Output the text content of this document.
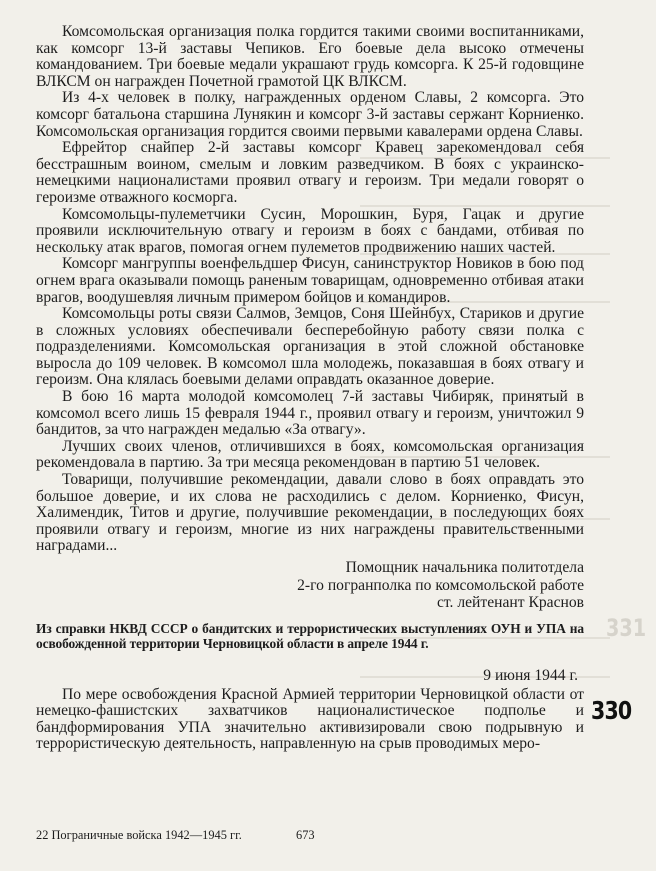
331

Комсомольская организация полка гордится такими своими воспитанниками, как комсорг 13-й заставы Чепиков. Его боевые дела высоко отмечены командованием. Три боевые медали украшают грудь комсорга. К 25-й годовщине ВЛКСМ он награжден Почетной грамотой ЦК ВЛКСМ.

Из 4-х человек в полку, награжденных орденом Славы, 2 комсорга. Это комсорг батальона старшина Лунякин и комсорг 3-й заставы сержант Корниенко. Комсомольская организация гордится своими первыми кавалерами ордена Славы.

Ефрейтор снайпер 2-й заставы комсорг Кравец зарекомендовал себя бесстрашным воином, смелым и ловким разведчиком. В боях с украинско-немецкими националистами проявил отвагу и героизм. Три медали говорят о героизме отважного косморга.

Комсомольцы-пулеметчики Сусин, Морошкин, Буря, Гацак и другие проявили исключительную отвагу и героизм в боях с бандами, отбивая по нескольку атак врагов, помогая огнем пулеметов продвижению наших частей.

Комсорг мангруппы военфельдшер Фисун, санинструктор Новиков в бою под огнем врага оказывали помощь раненым товарищам, одновременно отбивая атаки врагов, воодушевляя личным примером бойцов и командиров.

Комсомольцы роты связи Салмов, Земцов, Соня Шейнбух, Стариков и другие в сложных условиях обеспечивали бесперебойную работу связи полка с подразделениями. Комсомольская организация в этой сложной обстановке выросла до 109 человек. В комсомол шла молодежь, показавшая в боях отвагу и героизм. Она клялась боевыми делами оправдать оказанное доверие.

В бою 16 марта молодой комсомолец 7-й заставы Чибиряк, принятый в комсомол всего лишь 15 февраля 1944 г., проявил отвагу и героизм, уничтожил 9 бандитов, за что награжден медалью «За отвагу».

Лучших своих членов, отличившихся в боях, комсомольская организация рекомендовала в партию. За три месяца рекомендован в партию 51 человек.

Товарищи, получившие рекомендации, давали слово в боях оправдать это большое доверие, и их слова не расходились с делом. Корниенко, Фисун, Халимендик, Титов и другие, получившие рекомендации, в последующих боях проявили отвагу и героизм, многие из них награждены правительственными наградами...

Помощник начальника политотдела
2-го погранполка по комсомольской работе
ст. лейтенант Краснов
Из справки НКВД СССР о бандитских и террористических выступлениях ОУН и УПА на освобожденной территории Черновицкой области в апреле 1944 г.
9 июня 1944 г.

По мере освобождения Красной Армией территории Черновицкой области от немецко-фашистских захватчиков националистическое подполье и бандформирования УПА значительно активизировали свою подрывную и террористическую деятельность, направленную на срыв проводимых меро-

330
22 Пограничные войска 1942—1945 гг.	673
